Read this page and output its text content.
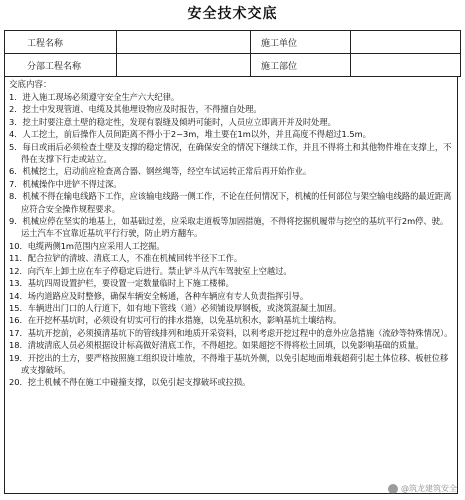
安全技术交底
工程名称		施工单位	
分部工程名称		施工部位	
交底内容：
1．进入施工现场必须遵守安全生产六大纪律。
2．挖土中发现管道、电缆及其他埋设物应及时报告，不得擅自处理。
3．挖土时要注意土壁的稳定性，发现有裂缝及倾坍可能时，人员应立即离开并及时处理。
4．人工挖土，前后操作人员间距离不得小于2~3m，堆土要在1m以外，并且高度不得超过1.5m。
5．每日或雨后必须检查土壁及支撑的稳定情况，在确保安全的情况下继续工作，并且不得将土和其他物件堆在支撑上，不得在支撑下行走或站立。
6．机械挖土，启动前应检查离合器、钢丝绳等，经空车试运转正常后再开始作业。
7．机械操作中进铲不得过深。
8．机械不得在输电线路下工作，应该输电线路一侧工作，不论在任何情况下，机械的任何部位与架空输电线路的最近距离应符合安全操作规程要求。
9．机械应停在坚实的地基上，如基础过差，应采取走道板等加固措施，不得将挖掘机履带与挖空的基坑平行2m停、驶。运土汽车不宜靠近基坑平行行驶，防止坍方翻车。
10．电缆两侧1m范围内应采用人工挖掘。
11．配合拉铲的清坡、清底工人，不准在机械回转半径下工作。
12．向汽车上卸土应在车子停稳定后进行。禁止铲斗从汽车驾驶室上空越过。
13．基坑四周设置护栏，要设置一定数量临时上下施工楼梯。
14．场内道路应及时整修，确保车辆安全畅通，各种车辆应有专人负责指挥引导。
15．车辆进出门口的人行道下，如有地下管线（道）必须铺设厚钢板，或浇筑混凝土加固。
16．在开挖杯基坑时，必须设有切实可行的排水措施，以免基坑积水，影响基坑土壤结构。
17．基坑开挖前，必须摸清基坑下的管线排列和地质开采资料，以利考虑开挖过程中的意外应急措施（流砂等特殊情况）。
18．清坡清底人员必须根据设计标高做好清底工作，不得超挖。如果超挖不得将松土回填，以免影响基础的质量。
19．开挖出的土方，要严格按照施工组织设计堆放，不得堆于基坑外侧，以免引起地面堆载超荷引起土体位移、板桩位移或支撑破坏。
20．挖土机械不得在施工中碰撞支撑，以免引起支撑破坏或拉损。
@筑龙建筑安全
